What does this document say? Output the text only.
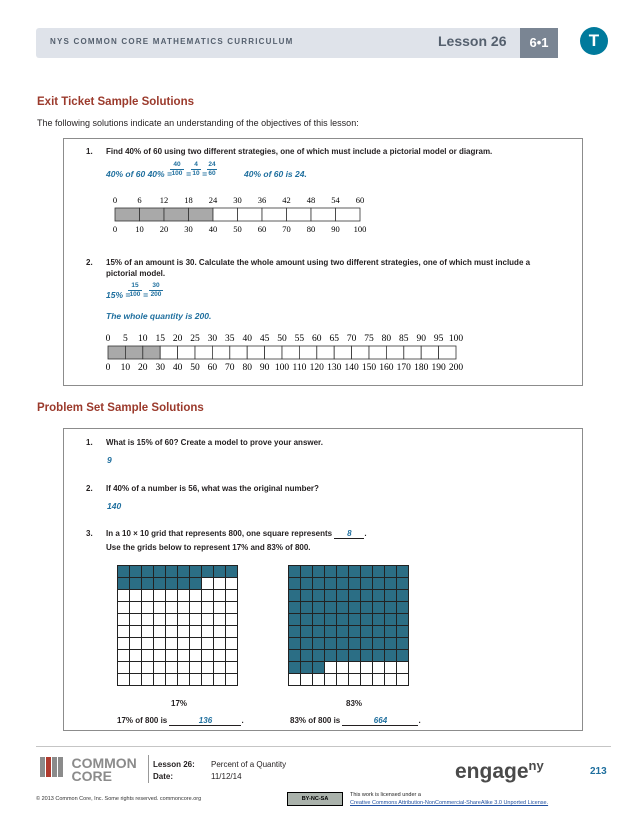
NYS COMMON CORE MATHEMATICS CURRICULUM	Lesson 26	6•1	T
Exit Ticket Sample Solutions
The following solutions indicate an understanding of the objectives of this lesson:
1. Find 40% of 60 using two different strategies, one of which must include a pictorial model or diagram.
40% of 60 40% =
$\frac{40}{100} = \frac{4}{10} = \frac{24}{60}$	40% of 60 is 24.
0 6 12 18 24 30 36 42 48 54 60
0 10 20 30 40 50 60 70 80 90 100
2. 15% of an amount is 30. Calculate the whole amount using two different strategies, one of which must include a
pictorial model.
15% =
$\frac{15}{100} = \frac{30}{200}$
The whole quantity is 200.
0 5 10 15 20 25 30 35 40 45 50 55 60 65 70 75 80 85 90 95 100
0 10 20 30 40 50 60 70 80 90 100 110 120 130 140 150 160 170 180 190 200
Problem Set Sample Solutions
1. What is 15% of 60? Create a model to prove your answer.
9
2. If 40% of a number is 56, what was the original number?
140
3. In a 10 × 10 grid that represents 800, one square represents 8 .
Use the grids below to represent 17% and 83% of 800.
17%	83%
17% of 800 is	136	.	83% of 800 is	664	.

COMMON
CORE
Lesson 26: Percent of a Quantity
Date:	11/12/14	engage$^{ny}$	213
© 2013 Common Core, Inc. Some rights reserved. commoncore.org	BY-NC-SA
This work is licensed under a
Creative Commons Attribution-NonCommercial-ShareAlike 3.0 Unported License.
